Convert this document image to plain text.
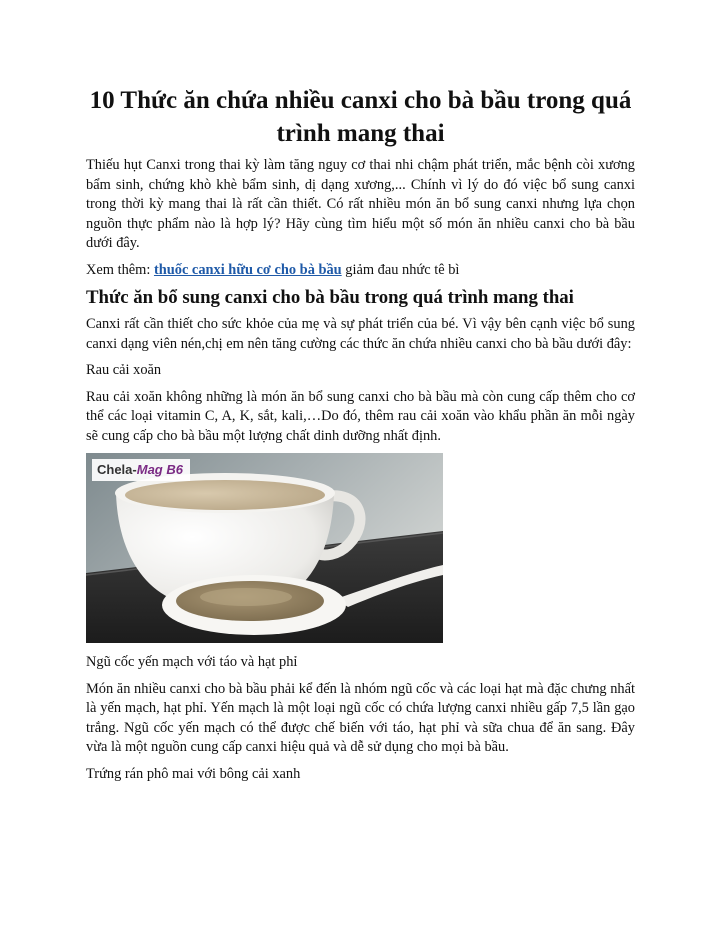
10 Thức ăn chứa nhiều canxi cho bà bầu trong quá trình mang thai

Thiếu hụt Canxi trong thai kỳ làm tăng nguy cơ thai nhi chậm phát triển, mắc bệnh còi xương bẩm sinh, chứng khò khè bẩm sinh, dị dạng xương,... Chính vì lý do đó việc bổ sung canxi trong thời kỳ mang thai là rất cần thiết. Có rất nhiều món ăn bổ sung canxi nhưng lựa chọn nguồn thực phẩm nào là hợp lý? Hãy cùng tìm hiểu một số món ăn nhiều canxi cho bà bầu dưới đây.

Xem thêm: thuốc canxi hữu cơ cho bà bầu giảm đau nhức tê bì

Thức ăn bổ sung canxi cho bà bầu trong quá trình mang thai

Canxi rất cần thiết cho sức khỏe của mẹ và sự phát triển của bé. Vì vậy bên cạnh việc bổ sung canxi dạng viên nén,chị em nên tăng cường các thức ăn chứa nhiều canxi cho bà bầu dưới đây:

Rau cải xoăn

Rau cải xoăn không những là món ăn bổ sung canxi cho bà bầu mà còn cung cấp thêm cho cơ thể các loại vitamin C, A, K, sắt, kali,…Do đó, thêm rau cải xoăn vào khẩu phần ăn mỗi ngày sẽ cung cấp cho bà bầu một lượng chất dinh dưỡng nhất định.

Chela-Mag B6

Ngũ cốc yến mạch với táo và hạt phỉ

Món ăn nhiều canxi cho bà bầu phải kể đến là nhóm ngũ cốc và các loại hạt mà đặc chưng nhất là yến mạch, hạt phỉ. Yến mạch là một loại ngũ cốc có chứa lượng canxi nhiều gấp 7,5 lần gạo trắng. Ngũ cốc yến mạch có thể được chế biến với táo, hạt phỉ và sữa chua để ăn sang. Đây vừa là một nguồn cung cấp canxi hiệu quả và dễ sử dụng cho mọi bà bầu.

Trứng rán phô mai với bông cải xanh
